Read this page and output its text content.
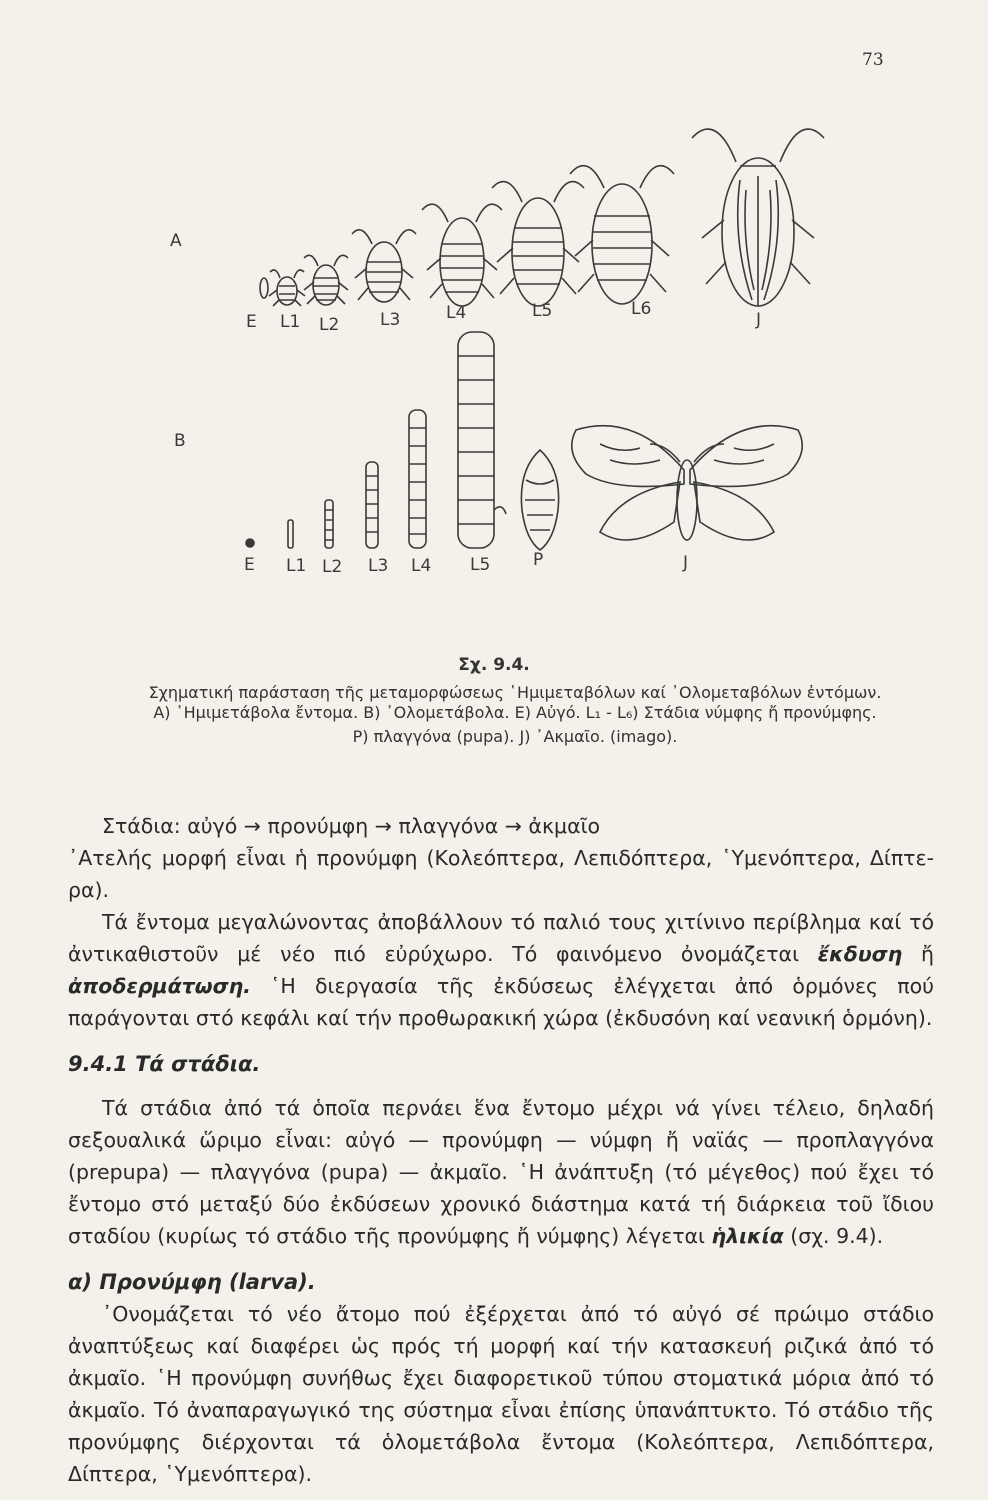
73
A
B
E L1 L2 L3	L4	L5	L6
J
E L1 L2 L3 L4 L5	P	J
Σχ. 9.4.
Σχηματική παράσταση τῆς μεταμορφώσεως ῾Ημιμεταβόλων καί ᾿Ολομεταβόλων ἐντόμων.
A) ῾Ημιμετάβολα ἔντομα. B) ᾿Ολομετάβολα. E) Αὐγό. L₁ - L₆) Στάδια νύμφης ἤ προνύμφης.
P) πλαγγόνα (pupa). J) ᾿Ακμαῖο. (imago).

Στάδια: αὐγό → προνύμφη → πλαγγόνα → ἀκμαῖο

᾿Ατελής μορφή εἶναι ἡ προνύμφη (Κολεόπτερα, Λεπιδόπτερα, ῾Υμενόπτερα, Δίπτε-ρα).

Τά ἔντομα μεγαλώνοντας ἀποβάλλουν τό παλιό τους χιτίνινο περίβλημα καί τό ἀντικαθιστοῦν μέ νέο πιό εὐρύχωρο. Τό φαινόμενο ὀνομάζεται ἔκδυση ἤ ἀποδερμάτωση. ῾Η διεργασία τῆς ἐκδύσεως ἐλέγχεται ἀπό ὁρμόνες πού παράγονται στό κεφάλι καί τήν προθωρακική χώρα (ἐκδυσόνη καί νεανική ὁρμόνη).

9.4.1 Τά στάδια.

Τά στάδια ἀπό τά ὁποῖα περνάει ἕνα ἔντομο μέχρι νά γίνει τέλειο, δηλαδή σεξουαλικά ὥριμο εἶναι: αὐγό — προνύμφη — νύμφη ἤ ναϊάς — προπλαγγόνα (prepupa) — πλαγγόνα (pupa) — ἀκμαῖο. ῾Η ἀνάπτυξη (τό μέγεθος) πού ἔχει τό ἔντομο στό μεταξύ δύο ἐκδύσεων χρονικό διάστημα κατά τή διάρκεια τοῦ ἴδιου σταδίου (κυρίως τό στάδιο τῆς προνύμφης ἤ νύμφης) λέγεται ἡλικία (σχ. 9.4).

α) Προνύμφη (larva).

᾿Ονομάζεται τό νέο ἄτομο πού ἐξέρχεται ἀπό τό αὐγό σέ πρώιμο στάδιο ἀναπτύξεως καί διαφέρει ὡς πρός τή μορφή καί τήν κατασκευή ριζικά ἀπό τό ἀκμαῖο. ῾Η προνύμφη συνήθως ἔχει διαφορετικοῦ τύπου στοματικά μόρια ἀπό τό ἀκμαῖο. Τό ἀναπαραγωγικό της σύστημα εἶναι ἐπίσης ὑπανάπτυκτο. Τό στάδιο τῆς προνύμφης διέρχονται τά ὁλομετάβολα ἔντομα (Κολεόπτερα, Λεπιδόπτερα, Δίπτερα, ῾Υμενόπτερα).
